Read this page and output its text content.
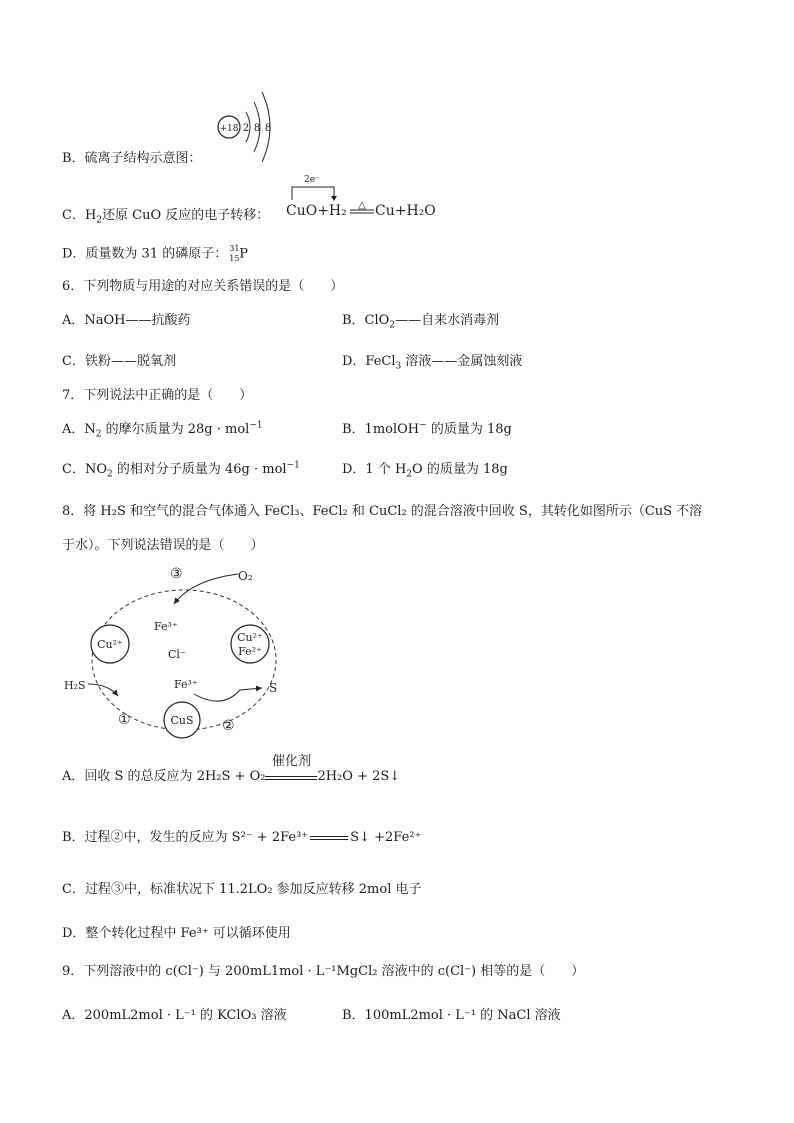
+18 2 8 8
B．硫离子结构示意图：
C．$H_2$还原 CuO 反应的电子转移：
2e⁻
CuO+H₂ △ Cu+H₂O
D．质量数为 31 的磷原子： 31
15 P
6．下列物质与用途的对应关系错误的是（　　）
A．NaOH——抗酸药	B．ClO$_2$——自来水消毒剂
C．铁粉——脱氧剂	D．FeCl$_3$ 溶液——金属蚀刻液
7．下列说法中正确的是（　　）
A．$N_2$ 的摩尔质量为 28g · mol$^{-1}$	B．1molOH− 的质量为 18g
C．$NO_2$ 的相对分子质量为 46g · mol$^{-1}$	D．1 个 $H_2O$ 的质量为 18g
8．将 H₂S 和空气的混合气体通入 FeCl₃、FeCl₂ 和 CuCl₂ 的混合溶液中回收 S，其转化如图所示（CuS 不溶
于水）。下列说法错误的是（　　）
③	O₂
Fe³⁺
Cl⁻
Cu²⁺
Cu²⁺
Fe²⁺
H₂S	Fe³⁺	S
CuS
①	②
A．回收 S 的总反应为 2H₂S + O₂
催化剂
2H₂O + 2S↓
B．过程②中，发生的反应为 S²⁻ + 2Fe³⁺	S↓ +2Fe²⁺
C．过程③中，标准状况下 11.2LO₂ 参加反应转移 2mol 电子
D．整个转化过程中 Fe³⁺ 可以循环使用
9．下列溶液中的 c(Cl⁻) 与 200mL1mol · L⁻¹MgCl₂ 溶液中的 c(Cl⁻) 相等的是（　　）
A．200mL2mol · L⁻¹ 的 KClO₃ 溶液	B．100mL2mol · L⁻¹ 的 NaCl 溶液
